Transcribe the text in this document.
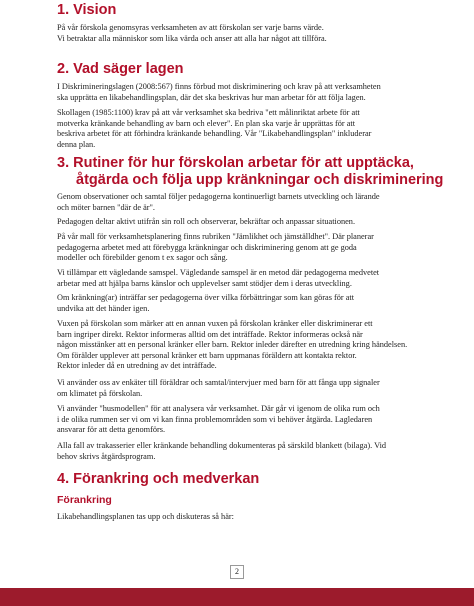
1. Vision

På vår förskola genomsyras verksamheten av att förskolan ser varje barns värde.
Vi betraktar alla människor som lika värda och anser att alla har något att tillföra.

2. Vad säger lagen

I Diskrimineringslagen (2008:567) finns förbud mot diskriminering och krav på att verksamheten
ska upprätta en likabehandlingsplan, där det ska beskrivas hur man arbetar för att följa lagen.

Skollagen (1985:1100) krav på att vår verksamhet ska bedriva "ett målinriktat arbete för att
motverka kränkande behandling av barn och elever". En plan ska varje år upprättas för att
beskriva arbetet för att förhindra kränkande behandling. Vår "Likabehandlingsplan" inkluderar
denna plan.

3. Rutiner för hur förskolan arbetar för att upptäcka,
åtgärda och följa upp kränkningar och diskriminering

Genom observationer och samtal följer pedagogerna kontinuerligt barnets utveckling och lärande
och möter barnen "där de är".

Pedagogen deltar aktivt utifrån sin roll och observerar, bekräftar och anpassar situationen.

På vår mall för verksamhetsplanering finns rubriken "Jämlikhet och jämställdhet". Där planerar
pedagogerna arbetet med att förebygga kränkningar och diskriminering genom att ge goda
modeller och förebilder genom t ex sagor och sång.

Vi tillämpar ett vägledande samspel. Vägledande samspel är en metod där pedagogerna medvetet
arbetar med att hjälpa barns känslor och upplevelser samt stödjer dem i deras utveckling.

Om kränkning(ar) inträffar ser pedagogerna över vilka förbättringar som kan göras för att
undvika att det händer igen.

Vuxen på förskolan som märker att en annan vuxen på förskolan kränker eller diskriminerar ett
barn ingriper direkt. Rektor informeras alltid om det inträffade. Rektor informeras också när
någon misstänker att en personal kränker eller barn. Rektor inleder därefter en utredning kring händelsen.
Om förälder upplever att personal kränker ett barn uppmanas föräldern att kontakta rektor.
Rektor inleder då en utredning av det inträffade.

Vi använder oss av enkäter till föräldrar och samtal/intervjuer med barn för att fånga upp signaler
om klimatet på förskolan.

Vi använder "husmodellen" för att analysera vår verksamhet. Där går vi igenom de olika rum och
i de olika rummen ser vi om vi kan finna problemområden som vi behöver åtgärda. Lagledaren
ansvarar för att detta genomförs.

Alla fall av trakasserier eller kränkande behandling dokumenteras på särskild blankett (bilaga). Vid
behov skrivs åtgärdsprogram.

4. Förankring och medverkan
Förankring

Likabehandlingsplanen tas upp och diskuteras så här:

2
